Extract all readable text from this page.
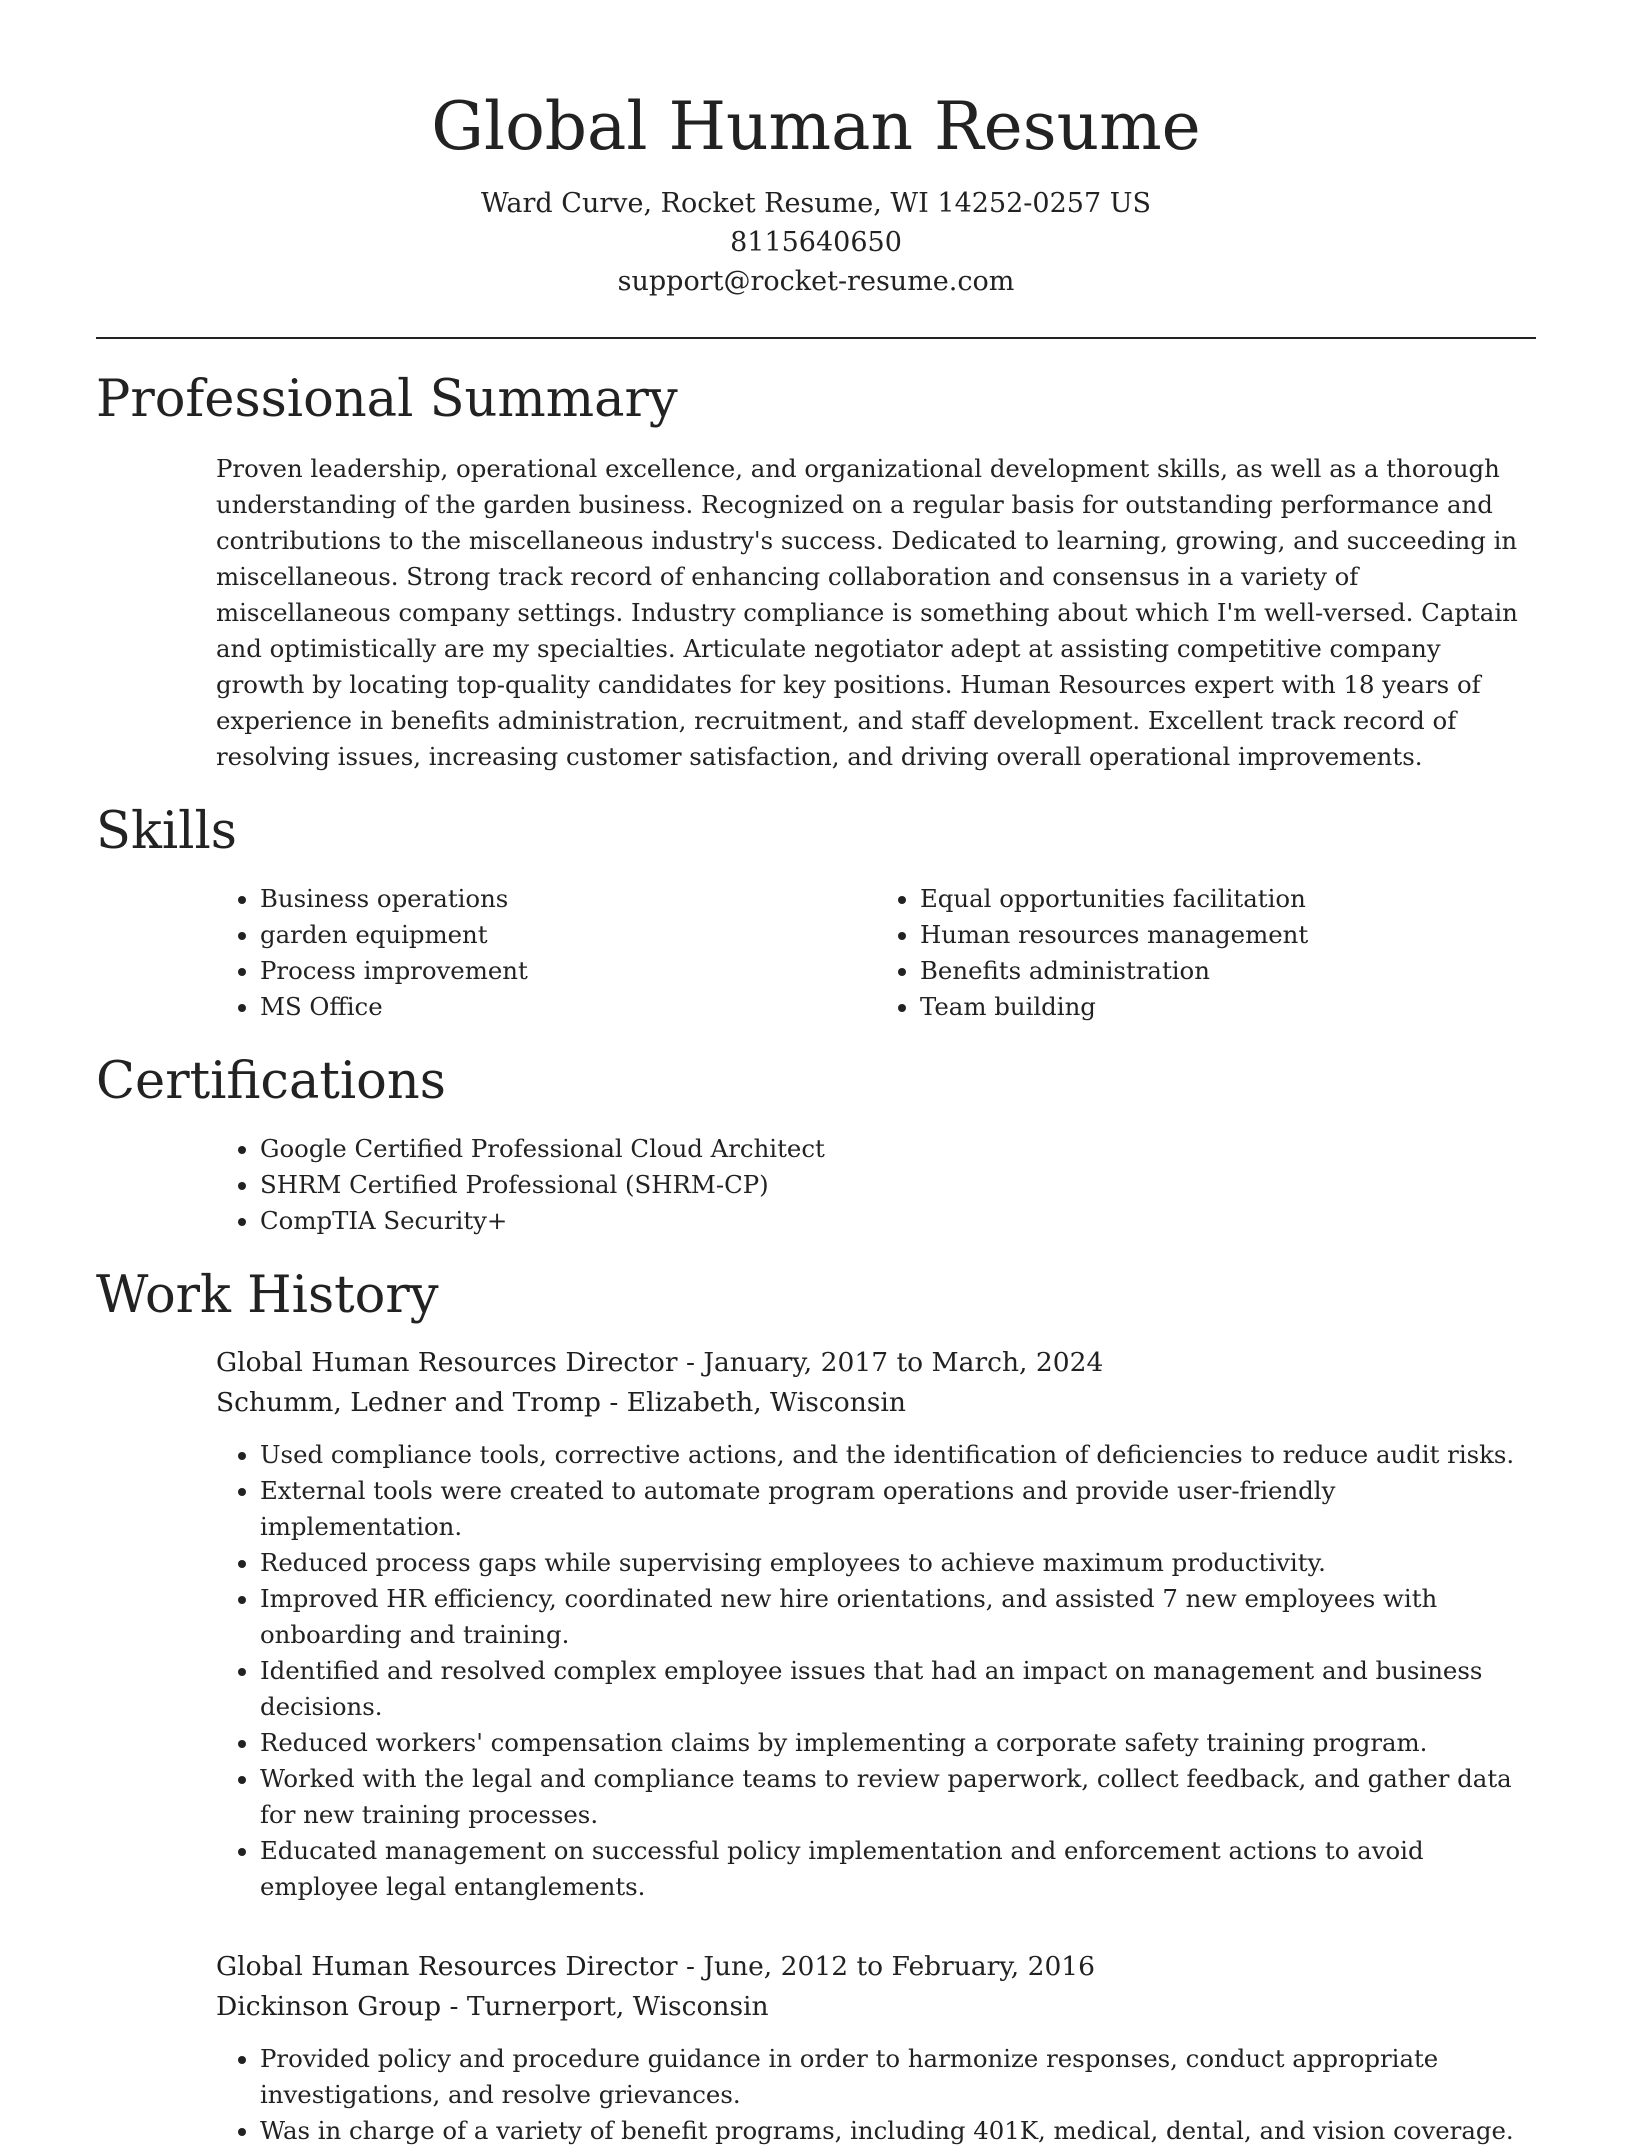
Global Human Resume

Ward Curve, Rocket Resume, WI 14252-0257 US

8115640650

support@rocket-resume.com

Professional Summary

Proven leadership, operational excellence, and organizational development skills, as well as a thorough understanding of the garden business. Recognized on a regular basis for outstanding performance and contributions to the miscellaneous industry's success. Dedicated to learning, growing, and succeeding in miscellaneous. Strong track record of enhancing collaboration and consensus in a variety of miscellaneous company settings. Industry compliance is something about which I'm well-versed. Captain and optimistically are my specialties. Articulate negotiator adept at assisting competitive company growth by locating top-quality candidates for key positions. Human Resources expert with 18 years of experience in benefits administration, recruitment, and staff development. Excellent track record of resolving issues, increasing customer satisfaction, and driving overall operational improvements.

Skills
• Business operations
• garden equipment
• Process improvement
• MS Office
• Equal opportunities facilitation
• Human resources management
• Benefits administration
• Team building
Certifications
• Google Certified Professional Cloud Architect
• SHRM Certified Professional (SHRM-CP)
• CompTIA Security+
Work History

Global Human Resources Director - January, 2017 to March, 2024

Schumm, Ledner and Tromp - Elizabeth, Wisconsin

• Used compliance tools, corrective actions, and the identification of deficiencies to reduce audit risks.
• External tools were created to automate program operations and provide user-friendly implementation.
• Reduced process gaps while supervising employees to achieve maximum productivity.
• Improved HR efficiency, coordinated new hire orientations, and assisted 7 new employees with onboarding and training.
• Identified and resolved complex employee issues that had an impact on management and business decisions.
• Reduced workers' compensation claims by implementing a corporate safety training program.
• Worked with the legal and compliance teams to review paperwork, collect feedback, and gather data for new training processes.
• Educated management on successful policy implementation and enforcement actions to avoid employee legal entanglements.

Global Human Resources Director - June, 2012 to February, 2016

Dickinson Group - Turnerport, Wisconsin

• Provided policy and procedure guidance in order to harmonize responses, conduct appropriate investigations, and resolve grievances.
• Was in charge of a variety of benefit programs, including 401K, medical, dental, and vision coverage.
